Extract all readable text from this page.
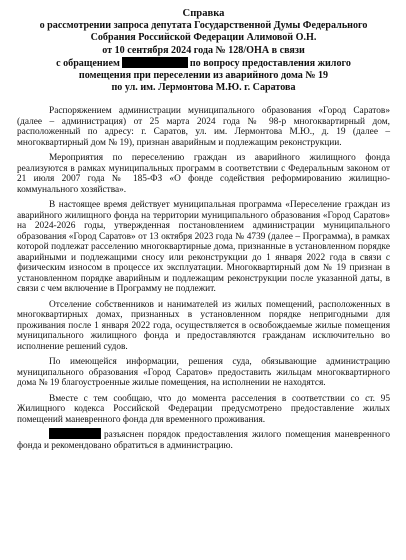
Справка
о рассмотрении запроса депутата Государственной Думы Федерального
Собрания Российской Федерации Алимовой О.Н.
от 10 сентября 2024 года № 128/ОНА в связи
с обращением	по вопросу предоставления жилого
помещения при переселении из аварийного дома № 19
по ул. им. Лермонтова М.Ю. г. Саратова

Распоряжением администрации муниципального образования «Город Саратов» (далее – администрация) от 25 марта 2024 года № 98-р многоквартирный дом, расположенный по адресу: г. Саратов, ул. им. Лермонтова М.Ю., д. 19 (далее – многоквартирный дом № 19), признан аварийным и подлежащим реконструкции.

Мероприятия по переселению граждан из аварийного жилищного фонда реализуются в рамках муниципальных программ в соответствии с Федеральным законом от 21 июля 2007 года № 185-ФЗ «О фонде содействия реформированию жилищно-коммунального хозяйства».

В настоящее время действует муниципальная программа «Переселение граждан из аварийного жилищного фонда на территории муниципального образования «Город Саратов» на 2024-2026 годы, утвержденная постановлением администрации муниципального образования «Город Саратов» от 13 октября 2023 года № 4739 (далее – Программа), в рамках которой подлежат расселению многоквартирные дома, признанные в установленном порядке аварийными и подлежащими сносу или реконструкции до 1 января 2022 года в связи с физическим износом в процессе их эксплуатации. Многоквартирный дом № 19 признан в установленном порядке аварийным и подлежащим реконструкции после указанной даты, в связи с чем включение в Программу не подлежит.

Отселение собственников и нанимателей из жилых помещений, расположенных в многоквартирных домах, признанных в установленном порядке непригодными для проживания после 1 января 2022 года, осуществляется в освобождаемые жилые помещения муниципального жилищного фонда и предоставляются гражданам исключительно во исполнение решений судов.

По имеющейся информации, решения суда, обязывающие администрацию муниципального образования «Город Саратов» предоставить жильцам многоквартирного дома № 19 благоустроенные жилые помещения, на исполнении не находятся.

Вместе с тем сообщаю, что до момента расселения в соответствии со ст. 95 Жилищного кодекса Российской Федерации предусмотрено предоставление жилых помещений маневренного фонда для временного проживания.

разъяснен порядок предоставления жилого помещения маневренного фонда и рекомендовано обратиться в администрацию.
